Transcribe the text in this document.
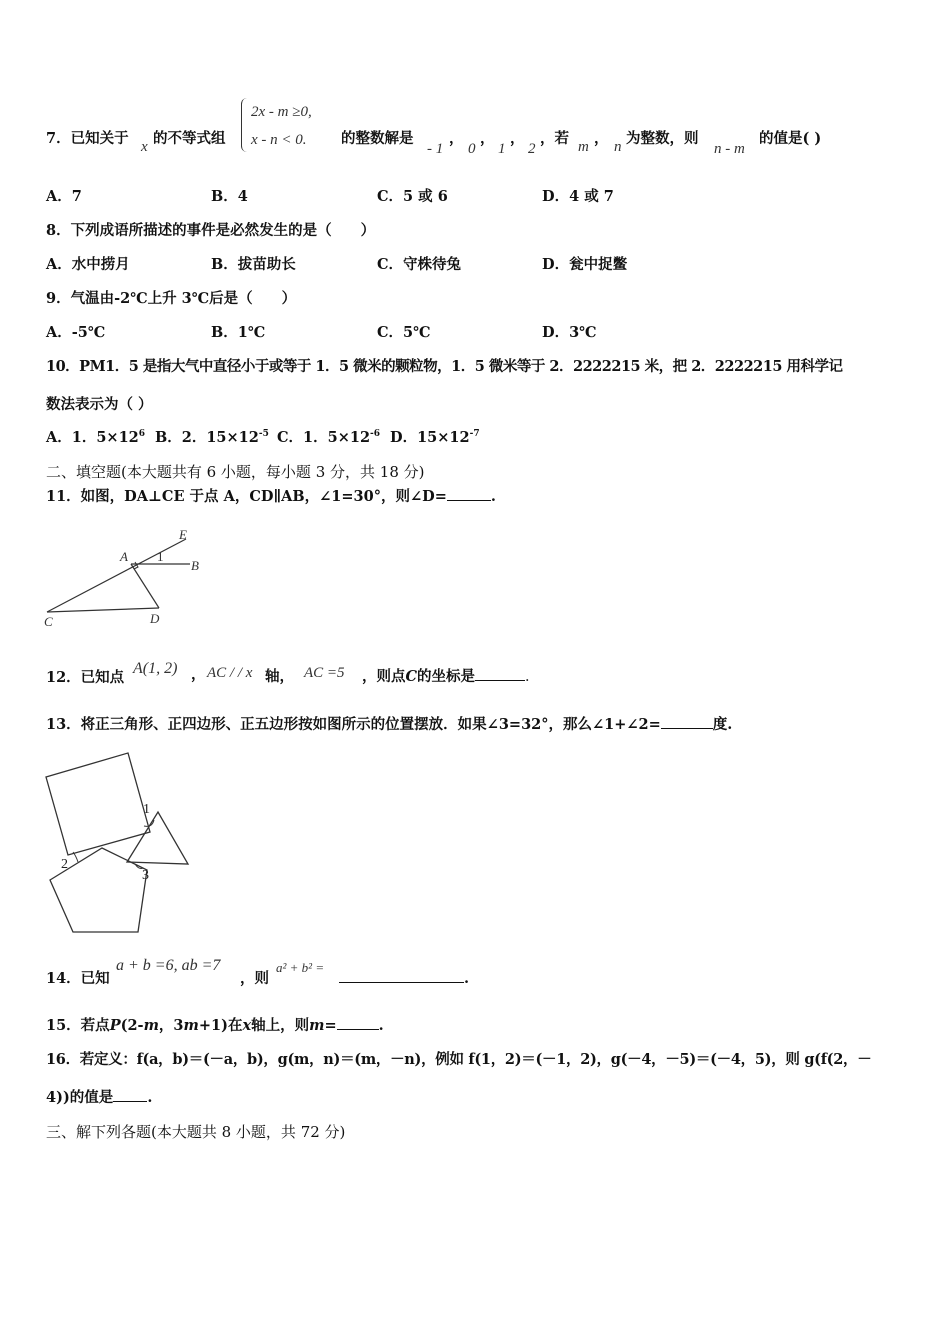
7．已知关于 x 的不等式组
2x - m ≥0,
x - n < 0. 的整数解是
- 1
，
0
，
1
，
2
，若 m ， n 为整数，则
n - m
的值是( )
A．7	B．4	C．5 或 6	D．4 或 7
8．下列成语所描述的事件是必然发生的是（　　）
A．水中捞月	B．拔苗助长	C．守株待兔	D．瓮中捉鳖
9．气温由-2℃上升 3℃后是（　　）
A．-5℃	B．1℃	C．5℃	D．3℃
10．PM1．5 是指大气中直径小于或等于 1．5 微米的颗粒物，1．5 微米等于 2．2222215 米，把 2．2222215 用科学记
数法表示为（ ）
A．1．$5\times 12^6$ B．2．$15\times 12^{-5}$ C．1．$5\times 12^{-6}$ D．$15\times 12^{-7}$
二、填空题(本大题共有 6 小题，每小题 3 分，共 18 分)
11．如图，DA⊥CE 于点 A，CD∥AB，∠1=30°，则∠D=	.
E
A 1
B
C	D
12．已知点
A(1, 2) ， AC / / x 轴， AC =5 ，则点C的坐标是	．
13．将正三角形、正四边形、正五边形按如图所示的位置摆放．如果∠3=32°，那么∠1+∠2=	度.
1
2
3
14．已知
a + b =6, ab =7
，则
a² + b² =
.
15．若点P(2-m，3m+1)在x轴上，则m=	.
16．若定义：f(a，b)＝(－a，b)，g(m，n)＝(m，－n)，例如 f(1，2)＝(－1，2)，g(－4，－5)＝(－4，5)，则 g(f(2，－
4))的值是 .
三、解下列各题(本大题共 8 小题，共 72 分)
